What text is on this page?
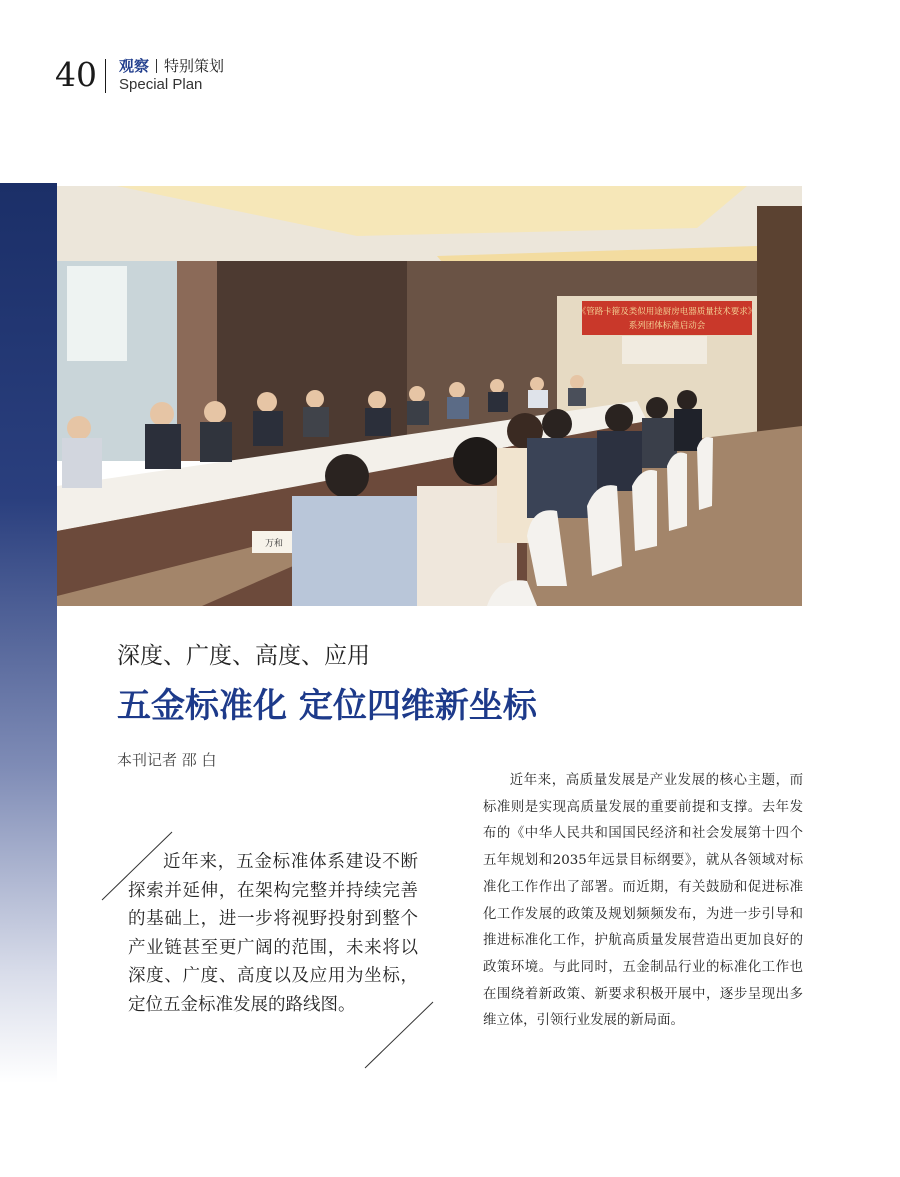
40 观察 特别策划
Special Plan
《管路卡箍及类似用途厨房电器质量技术要求》
系列团体标准启动会
万和
深度、广度、高度、应用
五金标准化 定位四维新坐标
本刊记者 邵 白
近年来，五金标准体系建设不断探索并延伸，在架构完整并持续完善的基础上，进一步将视野投射到整个产业链甚至更广阔的范围，未来将以深度、广度、高度以及应用为坐标，定位五金标准发展的路线图。
近年来，高质量发展是产业发展的核心主题，而标准则是实现高质量发展的重要前提和支撑。去年发布的《中华人民共和国国民经济和社会发展第十四个五年规划和2035年远景目标纲要》，就从各领域对标准化工作作出了部署。而近期，有关鼓励和促进标准化工作发展的政策及规划频频发布，为进一步引导和推进标准化工作，护航高质量发展营造出更加良好的政策环境。与此同时，五金制品行业的标准化工作也在围绕着新政策、新要求积极开展中，逐步呈现出多维立体，引领行业发展的新局面。
